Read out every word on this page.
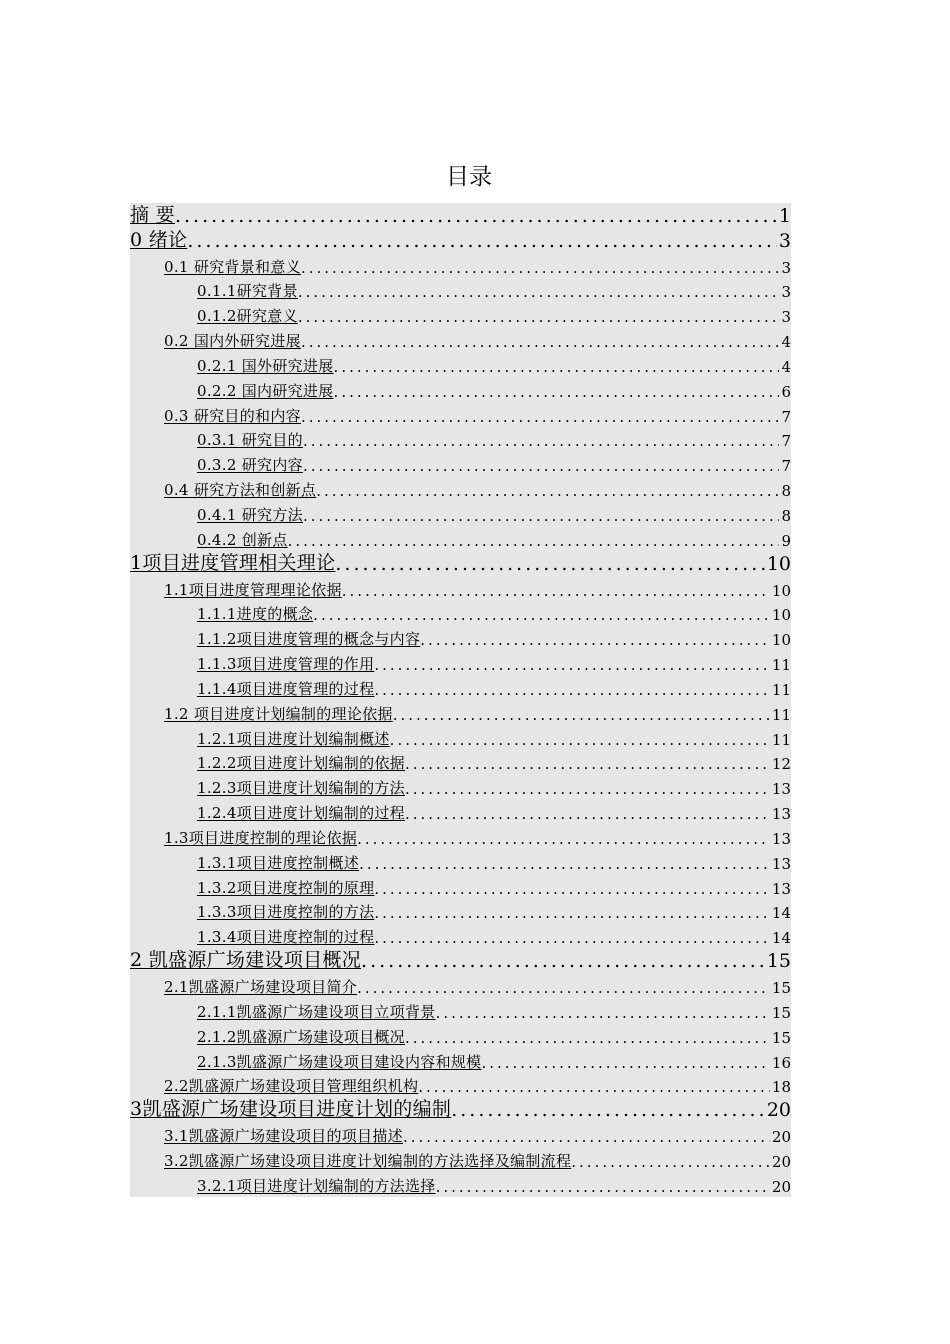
目录
摘 要 .....	1
0 绪论 .....	3
0.1 研究背景和意义 .....	3
0.1.1研究背景 .....	3
0.1.2研究意义 .....	3
0.2 国内外研究进展 .....	4
0.2.1 国外研究进展 .....	4
0.2.2 国内研究进展 .....	6
0.3 研究目的和内容 .....	7
0.3.1 研究目的 .....	7
0.3.2 研究内容 .....	7
0.4 研究方法和创新点 .....	8
0.4.1 研究方法 .....	8
0.4.2 创新点 .....	9
1项目进度管理相关理论 .....	10
1.1项目进度管理理论依据 .....	10
1.1.1进度的概念 .....	10
1.1.2项目进度管理的概念与内容 .....	10
1.1.3项目进度管理的作用 .....	11
1.1.4项目进度管理的过程 .....	11
1.2 项目进度计划编制的理论依据 .....	11
1.2.1项目进度计划编制概述 .....	11
1.2.2项目进度计划编制的依据 .....	12
1.2.3项目进度计划编制的方法 .....	13
1.2.4项目进度计划编制的过程 .....	13
1.3项目进度控制的理论依据 .....	13
1.3.1项目进度控制概述 .....	13
1.3.2项目进度控制的原理 .....	13
1.3.3项目进度控制的方法 .....	14
1.3.4项目进度控制的过程 .....	14
2 凯盛源广场建设项目概况 .....	15
2.1凯盛源广场建设项目简介 .....	15
2.1.1凯盛源广场建设项目立项背景 .....	15
2.1.2凯盛源广场建设项目概况 .....	15
2.1.3凯盛源广场建设项目建设内容和规模 .....	16
2.2凯盛源广场建设项目管理组织机构 .....	18
3凯盛源广场建设项目进度计划的编制 .....	20
3.1凯盛源广场建设项目的项目描述 .....	20
3.2凯盛源广场建设项目进度计划编制的方法选择及编制流程 .....	20
3.2.1项目进度计划编制的方法选择 .....	20
